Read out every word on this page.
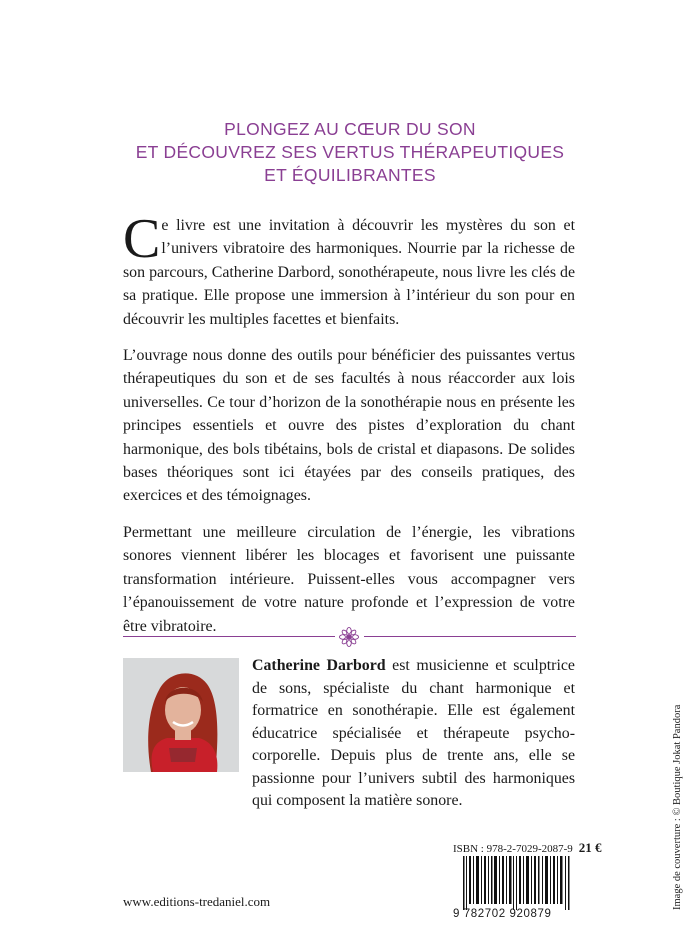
PLONGEZ AU CŒUR DU SON
ET DÉCOUVREZ SES VERTUS THÉRAPEUTIQUES
ET ÉQUILIBRANTES

Ce livre est une invitation à découvrir les mystères du son et l’univers vibratoire des harmoniques. Nourrie par la richesse de son parcours, Catherine Darbord, sonothérapeute, nous livre les clés de sa pratique. Elle propose une immersion à l’intérieur du son pour en découvrir les multiples facettes et bienfaits.

L’ouvrage nous donne des outils pour bénéficier des puissantes vertus thérapeutiques du son et de ses facultés à nous réaccorder aux lois universelles. Ce tour d’horizon de la sonothérapie nous en présente les principes essentiels et ouvre des pistes d’exploration du chant harmonique, des bols tibétains, bols de cristal et diapasons. De solides bases théoriques sont ici étayées par des conseils pratiques, des exercices et des témoignages.

Permettant une meilleure circulation de l’énergie, les vibrations sonores viennent libérer les blocages et favorisent une puissante transformation intérieure. Puissent-elles vous accompagner vers l’épanouissement de votre nature profonde et l’expression de votre être vibratoire.

Catherine Darbord est musicienne et sculptrice de sons, spécialiste du chant harmonique et formatrice en sonothérapie. Elle est également éducatrice spécialisée et thérapeute psycho-corporelle. Depuis plus de trente ans, elle se passionne pour l’univers subtil des harmoniques qui composent la matière sonore.
ISBN : 978-2-7029-2087-9 21 €
9 782702 920879
www.editions-tredaniel.com	Image de couverture : © Boutique Jokat Pandora
